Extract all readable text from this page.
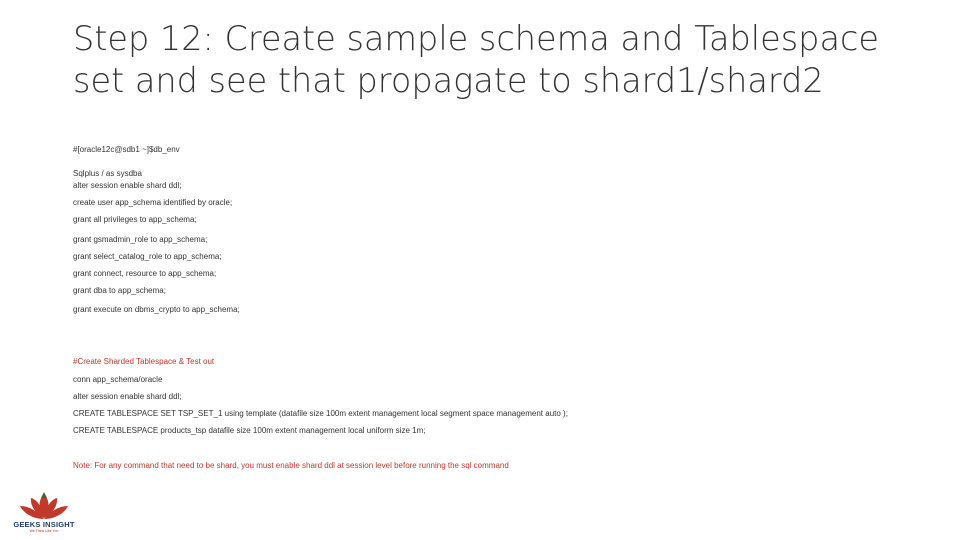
Step 12: Create sample schema and Tablespace
set and see that propagate to shard1/shard2
#[oracle12c@sdb1 ~]$db_env
Sqlplus / as sysdba
alter session enable shard ddl;
create user app_schema identified by oracle;
grant all privileges to app_schema;
grant gsmadmin_role to app_schema;
grant select_catalog_role to app_schema;
grant connect, resource to app_schema;
grant dba to app_schema;
grant execute on dbms_crypto to app_schema;
#Create Sharded Tablespace & Test out
conn app_schema/oracle
alter session enable shard ddl;
CREATE TABLESPACE SET TSP_SET_1 using template (datafile size 100m extent management local segment space management auto );
CREATE TABLESPACE products_tsp datafile size 100m extent management local uniform size 1m;
Note: For any command that need to be shard, you must enable shard ddl at session level before running the sql command
GEEKS INSIGHT
We Think Like You
